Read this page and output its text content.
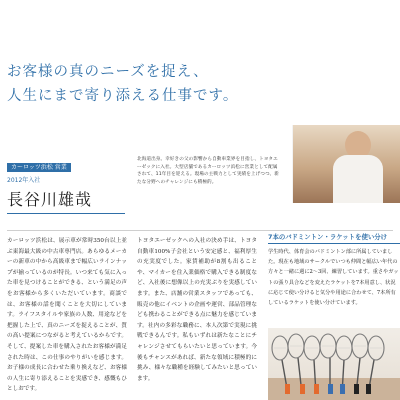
お客様の真のニーズを捉え、
人生にまで寄り添える仕事です。
カーロッツ浜松 営業
2012年入社
長谷川雄哉
北海道出身。幸好きの父の影響から自動車業界を目指し、トヨタエーゼックに入社。大型店舗であるカーロッツ浜松に営業として配属されて、11年目を迎える。現場の主戦力として実績を上げつつ、新たな分野へのチャレンジにも積極的。
カーロッツ浜松は、展示車が常時350台以上並ぶ東海最大級の中古車専門店。あらゆるメーカーの新車の中から高級車まで幅広いラインナップが揃っているのが特長。いつ来ても気に入った車を見つけることができる、という満足の声をお客様から多くいただいています。商談では、お客様の話を聞くことを大切にしています。ライフスタイルや家族の人数、用途などを把握した上で、真のニーズを捉えることが、質の高い提案につながると考えているからです。そして、提案した車を購入されたお客様が満足された時は、この仕事のやりがいを感じます。お子様の成長に合わせた乗り換えなど、お客様の人生に寄り添えることを実感でき、感慨もひとしおです。
トヨタエーゼックへの入社の決め手は、トヨタ自動車100%子会社という安定感と、福利厚生の充実度でした。家賃補助が8割も出ることや、マイカーを住入業価格で購入できる制度など、入社後に想像以上の充実ぶりを実感しています。また、店舗の営業スタッフであっても、販売の他にイベントの企画や運営、部品管理なども携わることができる点に魅力を感じています。社内の多彩な職務に、本人次第で実現に挑戦できるんです。私もいずれは新たなことにチャレンジさせてもらいたいと思っています。今後もチャンスがあれば、新たな領域に積極的に挑み、様々な職種を経験してみたいと思っています。
7本のバドミントン・ラケットを使い分け
学生時代、体育会のバドミントン部に所属していました。現在も地域のサークルでいつも仲間と幅広い年代の方々と一緒に週に2〜3回、練習しています。重さやガットの張り具合などを変えたラケットを7本用意し、状況に応じて使い分けると気分や用途に合わせて、7本所有しているラケットを使い分けています。
